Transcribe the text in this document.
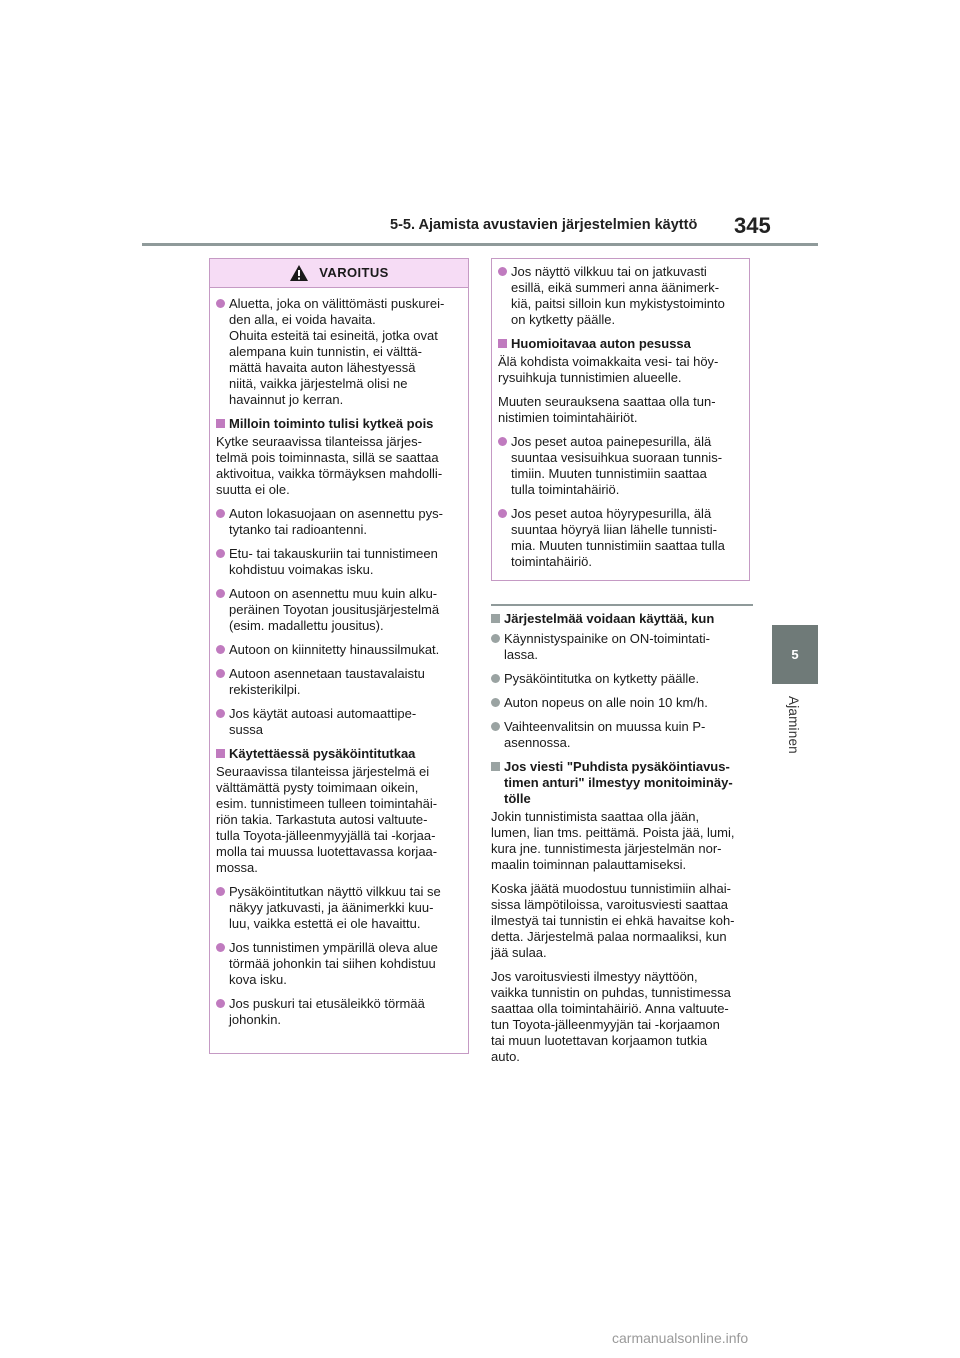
5-5. Ajamista avustavien järjestelmien käyttö 345
5
Ajaminen
VAROITUS
Aluetta, joka on välittömästi puskurei-
den alla, ei voida havaita.
Ohuita esteitä tai esineitä, jotka ovat
alempana kuin tunnistin, ei välttä-
mättä havaita auton lähestyessä
niitä, vaikka järjestelmä olisi ne
havainnut jo kerran.
Milloin toiminto tulisi kytkeä pois

Kytke seuraavissa tilanteissa järjes-
telmä pois toiminnasta, sillä se saattaa
aktivoitua, vaikka törmäyksen mahdolli-
suutta ei ole.

Auton lokasuojaan on asennettu pys-
tytanko tai radioantenni.
Etu- tai takauskuriin tai tunnistimeen
kohdistuu voimakas isku.
Autoon on asennettu muu kuin alku-
peräinen Toyotan jousitusjärjestelmä
(esim. madallettu jousitus).
Autoon on kiinnitetty hinaussilmukat.
Autoon asennetaan taustavalaistu
rekisterikilpi.
Jos käytät autoasi automaattipe-
sussa
Käytettäessä pysäköintitutkaa

Seuraavissa tilanteissa järjestelmä ei
välttämättä pysty toimimaan oikein,
esim. tunnistimeen tulleen toimintahäi-
riön takia. Tarkastuta autosi valtuute-
tulla Toyota-jälleenmyyjällä tai -korjaa-
molla tai muussa luotettavassa korjaa-
mossa.

Pysäköintitutkan näyttö vilkkuu tai se
näkyy jatkuvasti, ja äänimerkki kuu-
luu, vaikka estettä ei ole havaittu.
Jos tunnistimen ympärillä oleva alue
törmää johonkin tai siihen kohdistuu
kova isku.
Jos puskuri tai etusäleikkö törmää
johonkin.
Jos näyttö vilkkuu tai on jatkuvasti
esillä, eikä summeri anna äänimerk-
kiä, paitsi silloin kun mykistystoiminto
on kytketty päälle.
Huomioitavaa auton pesussa

Älä kohdista voimakkaita vesi- tai höy-
rysuihkuja tunnistimien alueelle.

Muuten seurauksena saattaa olla tun-
nistimien toimintahäiriöt.

Jos peset autoa painepesurilla, älä
suuntaa vesisuihkua suoraan tunnis-
timiin. Muuten tunnistimiin saattaa
tulla toimintahäiriö.
Jos peset autoa höyrypesurilla, älä
suuntaa höyryä liian lähelle tunnisti-
mia. Muuten tunnistimiin saattaa tulla
toimintahäiriö.
Järjestelmää voidaan käyttää, kun
Käynnistyspainike on ON-toimintati-
lassa.
Pysäköintitutka on kytketty päälle.
Auton nopeus on alle noin 10 km/h.
Vaihteenvalitsin on muussa kuin P-
asennossa.
Jos viesti "Puhdista pysäköintiavus-
timen anturi" ilmestyy monitoiminäy-
tölle

Jokin tunnistimista saattaa olla jään,
lumen, lian tms. peittämä. Poista jää, lumi,
kura jne. tunnistimesta järjestelmän nor-
maalin toiminnan palauttamiseksi.

Koska jäätä muodostuu tunnistimiin alhai-
sissa lämpötiloissa, varoitusviesti saattaa
ilmestyä tai tunnistin ei ehkä havaitse koh-
detta. Järjestelmä palaa normaaliksi, kun
jää sulaa.

Jos varoitusviesti ilmestyy näyttöön,
vaikka tunnistin on puhdas, tunnistimessa
saattaa olla toimintahäiriö. Anna valtuute-
tun Toyota-jälleenmyyjän tai -korjaamon
tai muun luotettavan korjaamon tutkia
auto.

carmanualsonline.info
